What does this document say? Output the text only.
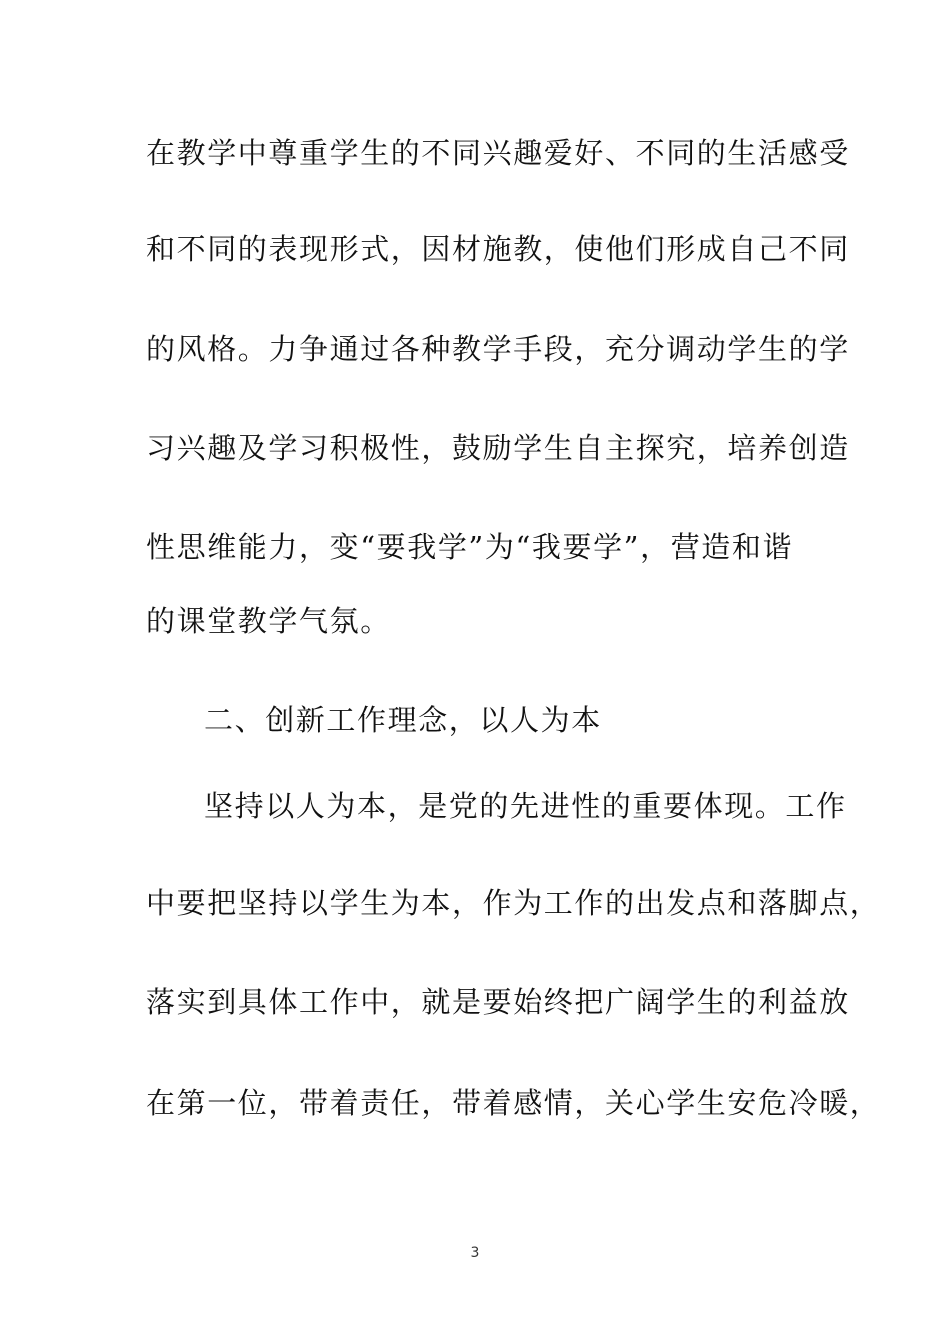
在教学中尊重学生的不同兴趣爱好、不同的生活感受
和不同的表现形式，因材施教，使他们形成自己不同
的风格。力争通过各种教学手段，充分调动学生的学
习兴趣及学习积极性，鼓励学生自主探究，培养创造
性思维能力，变“要我学”为“我要学”，营造和谐
的课堂教学气氛。
二、创新工作理念，以人为本
坚持以人为本，是党的先进性的重要体现。工作
中要把坚持以学生为本，作为工作的出发点和落脚点，
落实到具体工作中，就是要始终把广阔学生的利益放
在第一位，带着责任，带着感情，关心学生安危冷暖，
3
